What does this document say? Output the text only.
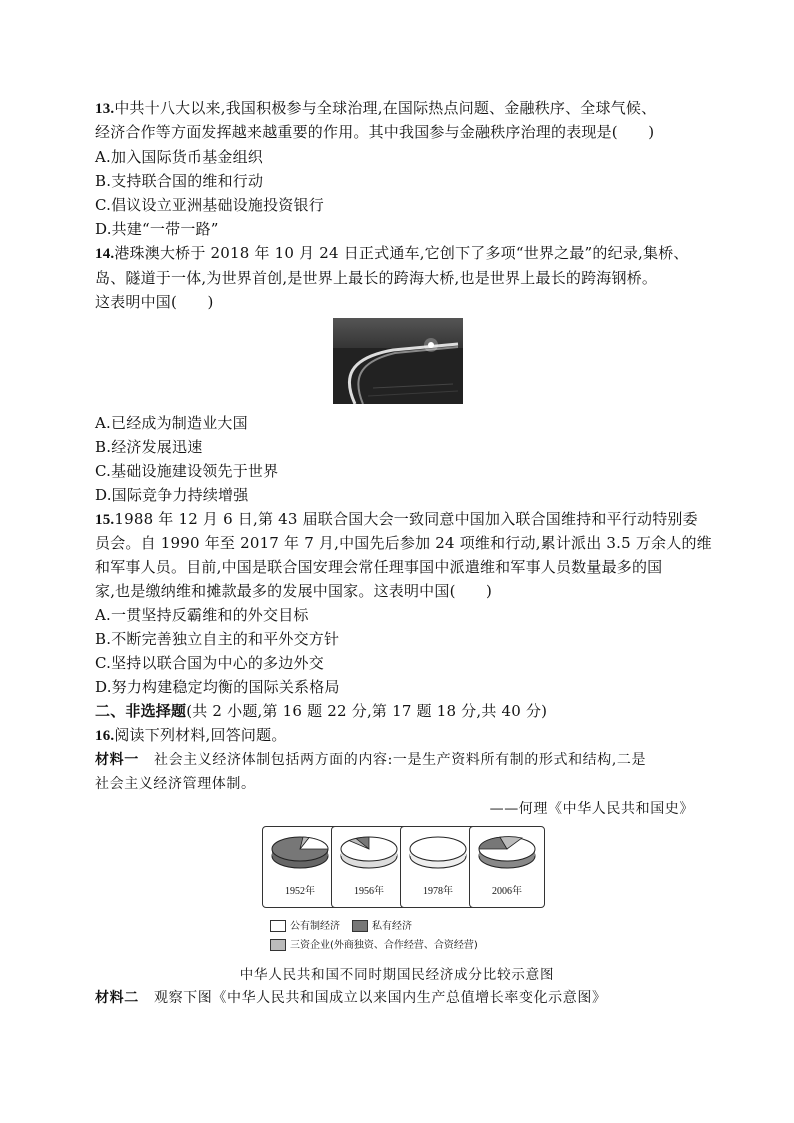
13.中共十八大以来,我国积极参与全球治理,在国际热点问题、金融秩序、全球气候、
经济合作等方面发挥越来越重要的作用。其中我国参与金融秩序治理的表现是(　　)
A.加入国际货币基金组织
B.支持联合国的维和行动
C.倡议设立亚洲基础设施投资银行
D.共建“一带一路”
14.港珠澳大桥于 2018 年 10 月 24 日正式通车,它创下了多项“世界之最”的纪录,集桥、
岛、隧道于一体,为世界首创,是世界上最长的跨海大桥,也是世界上最长的跨海钢桥。
这表明中国(　　)
A.已经成为制造业大国
B.经济发展迅速
C.基础设施建设领先于世界
D.国际竞争力持续增强
15.1988 年 12 月 6 日,第 43 届联合国大会一致同意中国加入联合国维持和平行动特别委
员会。自 1990 年至 2017 年 7 月,中国先后参加 24 项维和行动,累计派出 3.5 万余人的维
和军事人员。目前,中国是联合国安理会常任理事国中派遣维和军事人员数量最多的国
家,也是缴纳维和摊款最多的发展中国家。这表明中国(　　)
A.一贯坚持反霸维和的外交目标
B.不断完善独立自主的和平外交方针
C.坚持以联合国为中心的多边外交
D.努力构建稳定均衡的国际关系格局
二、非选择题(共 2 小题,第 16 题 22 分,第 17 题 18 分,共 40 分)
16.阅读下列材料,回答问题。
材料一 社会主义经济体制包括两方面的内容:一是生产资料所有制的形式和结构,二是
社会主义经济管理体制。
——何理《中华人民共和国史》
1952年	1956年	1978年	2006年
公有制经济	私有经济
三资企业(外商独资、合作经营、合资经营)
中华人民共和国不同时期国民经济成分比较示意图
材料二 观察下图《中华人民共和国成立以来国内生产总值增长率变化示意图》
